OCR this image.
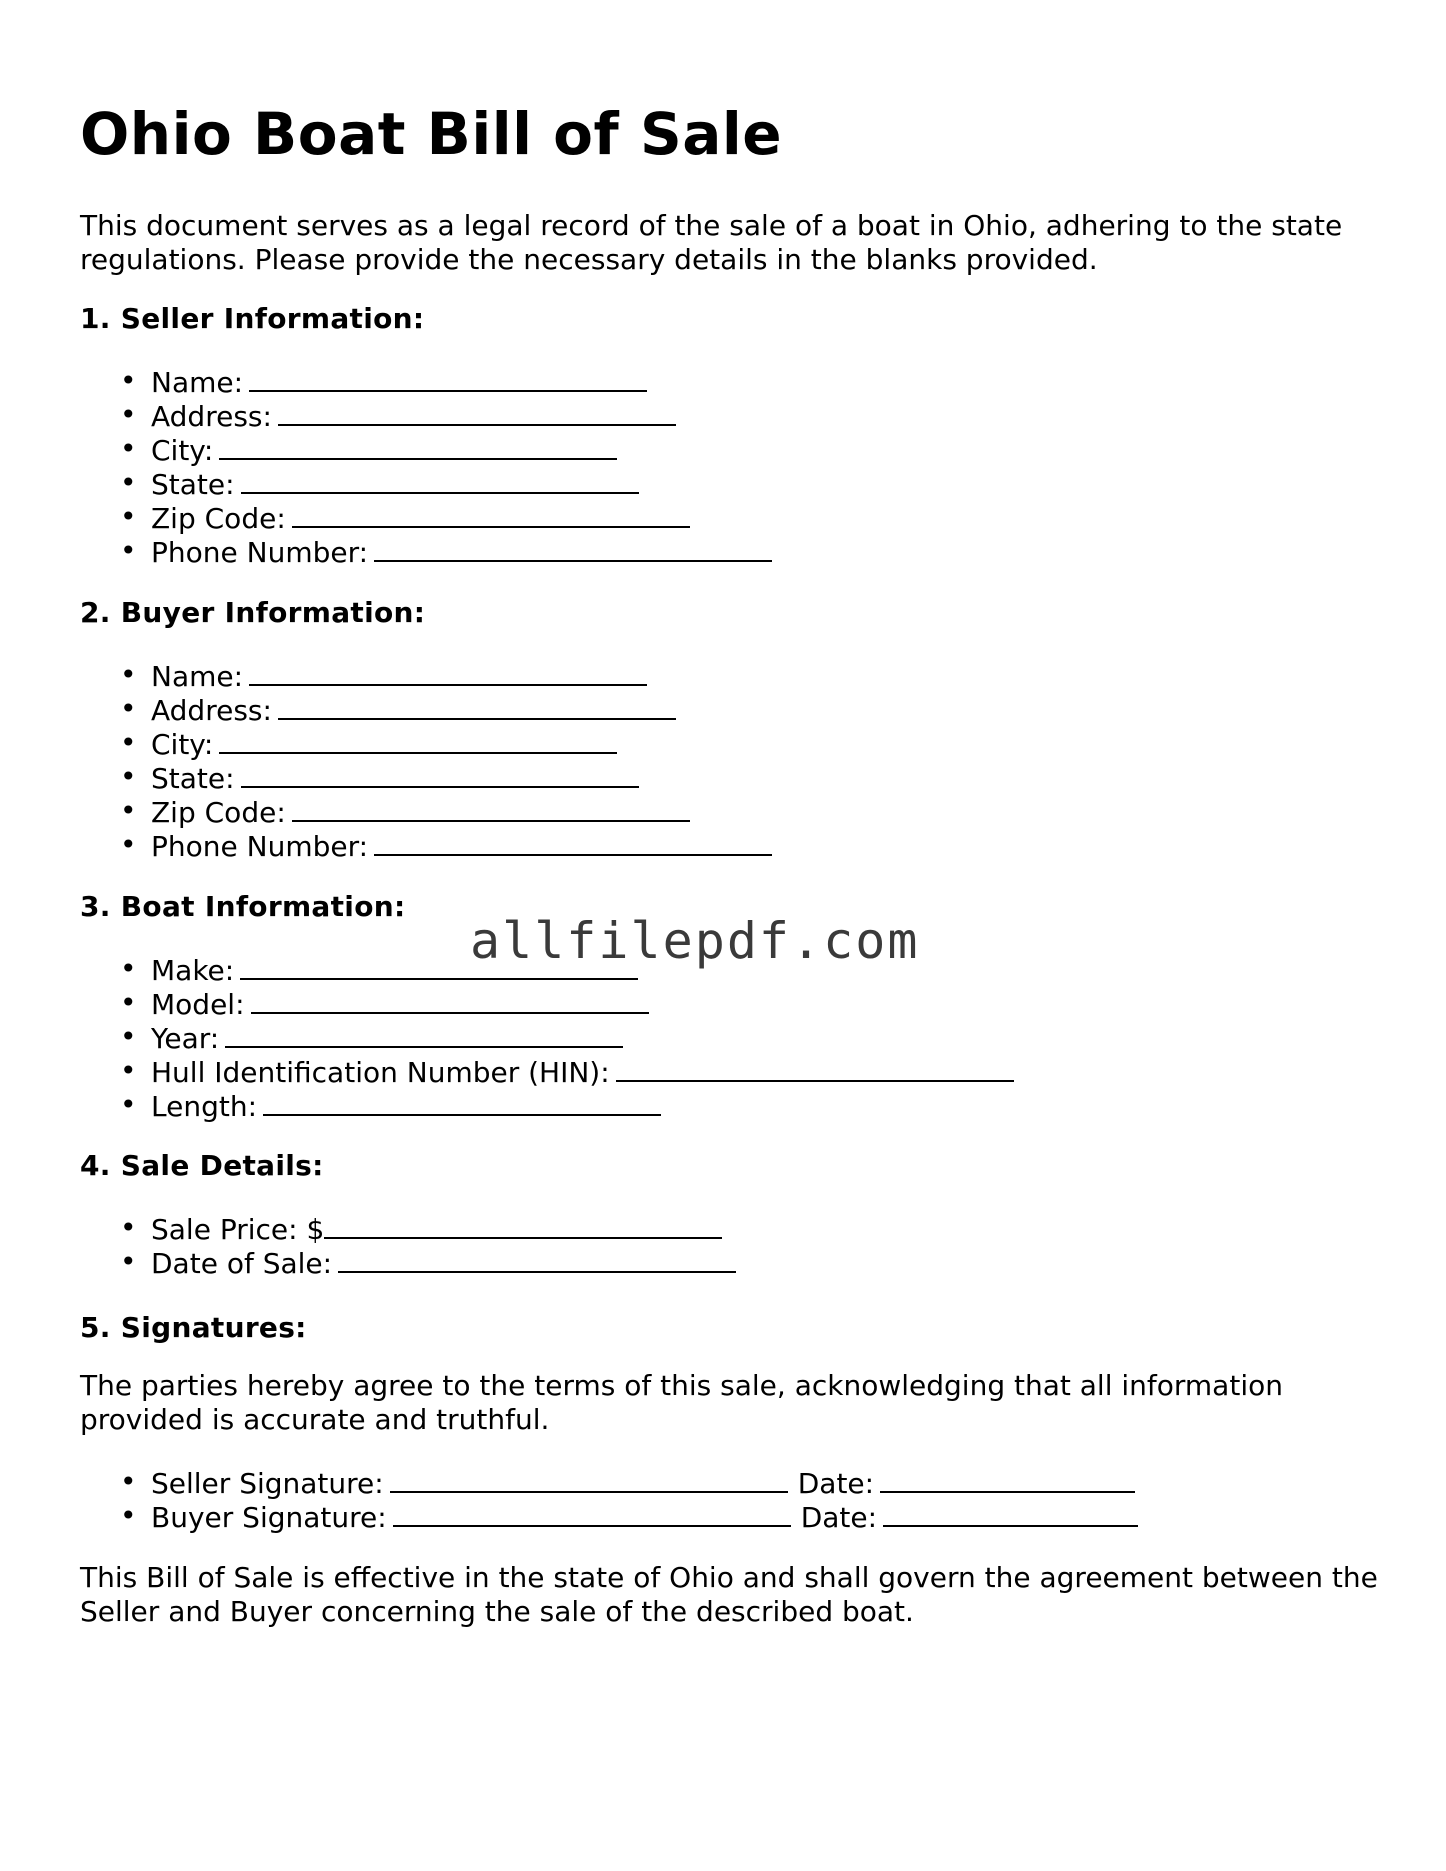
Ohio Boat Bill of Sale

This document serves as a legal record of the sale of a boat in Ohio, adhering to the state regulations. Please provide the necessary details in the blanks provided.

1. Seller Information:
• Name:
• Address:
• City:
• State:
• Zip Code:
• Phone Number:
2. Buyer Information:
• Name:
• Address:
• City:
• State:
• Zip Code:
• Phone Number:
3. Boat Information:
• Make:
• Model:
• Year:
• Hull Identification Number (HIN):
• Length:
4. Sale Details:
• Sale Price: $
• Date of Sale:
5. Signatures:

The parties hereby agree to the terms of this sale, acknowledging that all information provided is accurate and truthful.

• Seller Signature:	Date:
• Buyer Signature:	Date:

This Bill of Sale is effective in the state of Ohio and shall govern the agreement between the Seller and Buyer concerning the sale of the described boat.

allfilepdf.com
